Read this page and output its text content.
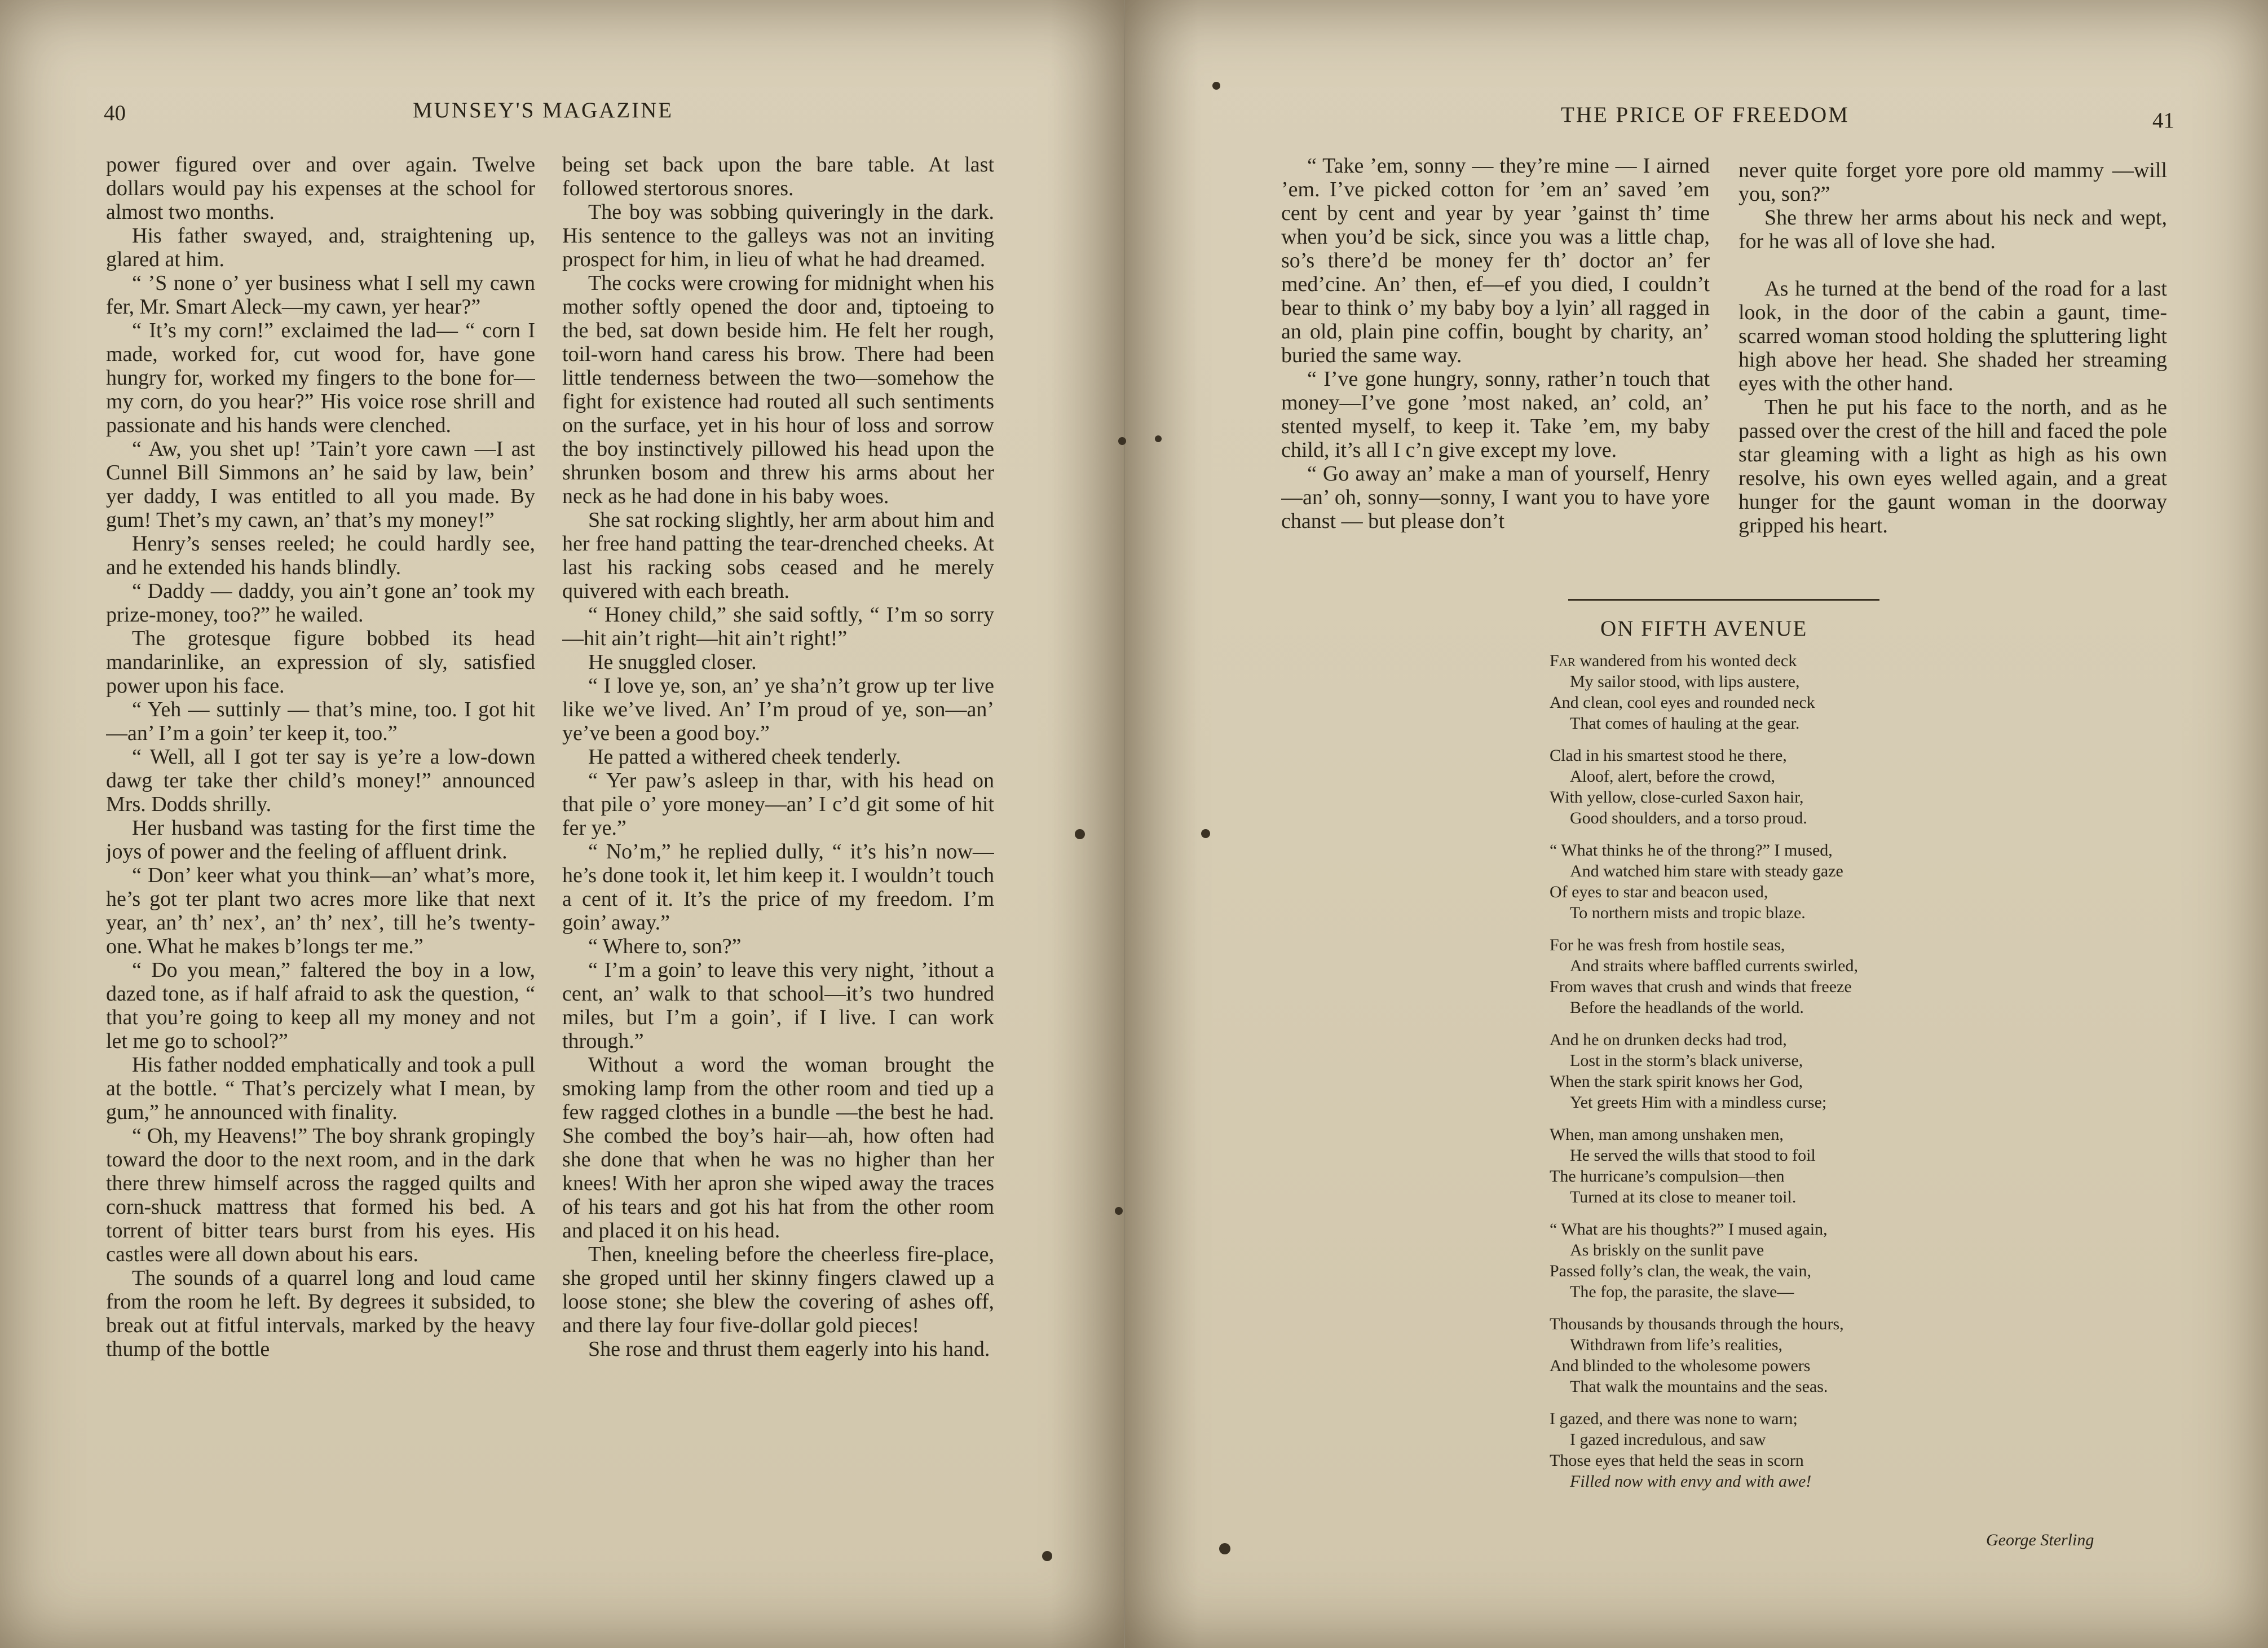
40	MUNSEY'S MAGAZINE

power figured over and over again. Twelve dollars would pay his expenses at the school for almost two months.

His father swayed, and, straightening up, glared at him.

“ ’S none o’ yer business what I sell my cawn fer, Mr. Smart Aleck—my cawn, yer hear?”

“ It’s my corn!” exclaimed the lad— “ corn I made, worked for, cut wood for, have gone hungry for, worked my fingers to the bone for—my corn, do you hear?” His voice rose shrill and passionate and his hands were clenched.

“ Aw, you shet up! ’Tain’t yore cawn —I ast Cunnel Bill Simmons an’ he said by law, bein’ yer daddy, I was entitled to all you made. By gum! Thet’s my cawn, an’ that’s my money!”

Henry’s senses reeled; he could hardly see, and he extended his hands blindly.

“ Daddy — daddy, you ain’t gone an’ took my prize-money, too?” he wailed.

The grotesque figure bobbed its head mandarinlike, an expression of sly, satisfied power upon his face.

“ Yeh — suttinly — that’s mine, too. I got hit—an’ I’m a goin’ ter keep it, too.”

“ Well, all I got ter say is ye’re a low-down dawg ter take ther child’s money!” announced Mrs. Dodds shrilly.

Her husband was tasting for the first time the joys of power and the feeling of affluent drink.

“ Don’ keer what you think—an’ what’s more, he’s got ter plant two acres more like that next year, an’ th’ nex’, an’ th’ nex’, till he’s twenty-one. What he makes b’longs ter me.”

“ Do you mean,” faltered the boy in a low, dazed tone, as if half afraid to ask the question, “ that you’re going to keep all my money and not let me go to school?”

His father nodded emphatically and took a pull at the bottle. “ That’s percizely what I mean, by gum,” he announced with finality.

“ Oh, my Heavens!” The boy shrank gropingly toward the door to the next room, and in the dark there threw himself across the ragged quilts and corn-shuck mattress that formed his bed. A torrent of bitter tears burst from his eyes. His castles were all down about his ears.

The sounds of a quarrel long and loud came from the room he left. By degrees it subsided, to break out at fitful intervals, marked by the heavy thump of the bottle

being set back upon the bare table. At last followed stertorous snores.

The boy was sobbing quiveringly in the dark. His sentence to the galleys was not an inviting prospect for him, in lieu of what he had dreamed.

The cocks were crowing for midnight when his mother softly opened the door and, tiptoeing to the bed, sat down beside him. He felt her rough, toil-worn hand caress his brow. There had been little tenderness between the two—somehow the fight for existence had routed all such sentiments on the surface, yet in his hour of loss and sorrow the boy instinctively pillowed his head upon the shrunken bosom and threw his arms about her neck as he had done in his baby woes.

She sat rocking slightly, her arm about him and her free hand patting the tear-drenched cheeks. At last his racking sobs ceased and he merely quivered with each breath.

“ Honey child,” she said softly, “ I’m so sorry—hit ain’t right—hit ain’t right!”

He snuggled closer.

“ I love ye, son, an’ ye sha’n’t grow up ter live like we’ve lived. An’ I’m proud of ye, son—an’ ye’ve been a good boy.”

He patted a withered cheek tenderly.

“ Yer paw’s asleep in thar, with his head on that pile o’ yore money—an’ I c’d git some of hit fer ye.”

“ No’m,” he replied dully, “ it’s his’n now—he’s done took it, let him keep it. I wouldn’t touch a cent of it. It’s the price of my freedom. I’m goin’ away.”

“ Where to, son?”

“ I’m a goin’ to leave this very night, ’ithout a cent, an’ walk to that school—it’s two hundred miles, but I’m a goin’, if I live. I can work through.”

Without a word the woman brought the smoking lamp from the other room and tied up a few ragged clothes in a bundle —the best he had. She combed the boy’s hair—ah, how often had she done that when he was no higher than her knees! With her apron she wiped away the traces of his tears and got his hat from the other room and placed it on his head.

Then, kneeling before the cheerless fire-place, she groped until her skinny fingers clawed up a loose stone; she blew the covering of ashes off, and there lay four five-dollar gold pieces!

She rose and thrust them eagerly into his hand.

THE PRICE OF FREEDOM	41

“ Take ’em, sonny — they’re mine — I airned ’em. I’ve picked cotton for ’em an’ saved ’em cent by cent and year by year ’gainst th’ time when you’d be sick, since you was a little chap, so’s there’d be money fer th’ doctor an’ fer med’cine. An’ then, ef—ef you died, I couldn’t bear to think o’ my baby boy a lyin’ all ragged in an old, plain pine coffin, bought by charity, an’ buried the same way.

“ I’ve gone hungry, sonny, rather’n touch that money—I’ve gone ’most naked, an’ cold, an’ stented myself, to keep it. Take ’em, my baby child, it’s all I c’n give except my love.

“ Go away an’ make a man of yourself, Henry—an’ oh, sonny—sonny, I want you to have yore chanst — but please don’t

never quite forget yore pore old mammy —will you, son?”

She threw her arms about his neck and wept, for he was all of love she had.

As he turned at the bend of the road for a last look, in the door of the cabin a gaunt, time-scarred woman stood holding the spluttering light high above her head. She shaded her streaming eyes with the other hand.

Then he put his face to the north, and as he passed over the crest of the hill and faced the pole star gleaming with a light as high as his own resolve, his own eyes welled again, and a great hunger for the gaunt woman in the doorway gripped his heart.

ON FIFTH AVENUE
Far wandered from his wonted deck
My sailor stood, with lips austere,
And clean, cool eyes and rounded neck
That comes of hauling at the gear.
Clad in his smartest stood he there,
Aloof, alert, before the crowd,
With yellow, close-curled Saxon hair,
Good shoulders, and a torso proud.
“ What thinks he of the throng?” I mused,
And watched him stare with steady gaze
Of eyes to star and beacon used,
To northern mists and tropic blaze.
For he was fresh from hostile seas,
And straits where baffled currents swirled,
From waves that crush and winds that freeze
Before the headlands of the world.
And he on drunken decks had trod,
Lost in the storm’s black universe,
When the stark spirit knows her God,
Yet greets Him with a mindless curse;
When, man among unshaken men,
He served the wills that stood to foil
The hurricane’s compulsion—then
Turned at its close to meaner toil.
“ What are his thoughts?” I mused again,
As briskly on the sunlit pave
Passed folly’s clan, the weak, the vain,
The fop, the parasite, the slave—
Thousands by thousands through the hours,
Withdrawn from life’s realities,
And blinded to the wholesome powers
That walk the mountains and the seas.
I gazed, and there was none to warn;
I gazed incredulous, and saw
Those eyes that held the seas in scorn
Filled now with envy and with awe!
George Sterling
